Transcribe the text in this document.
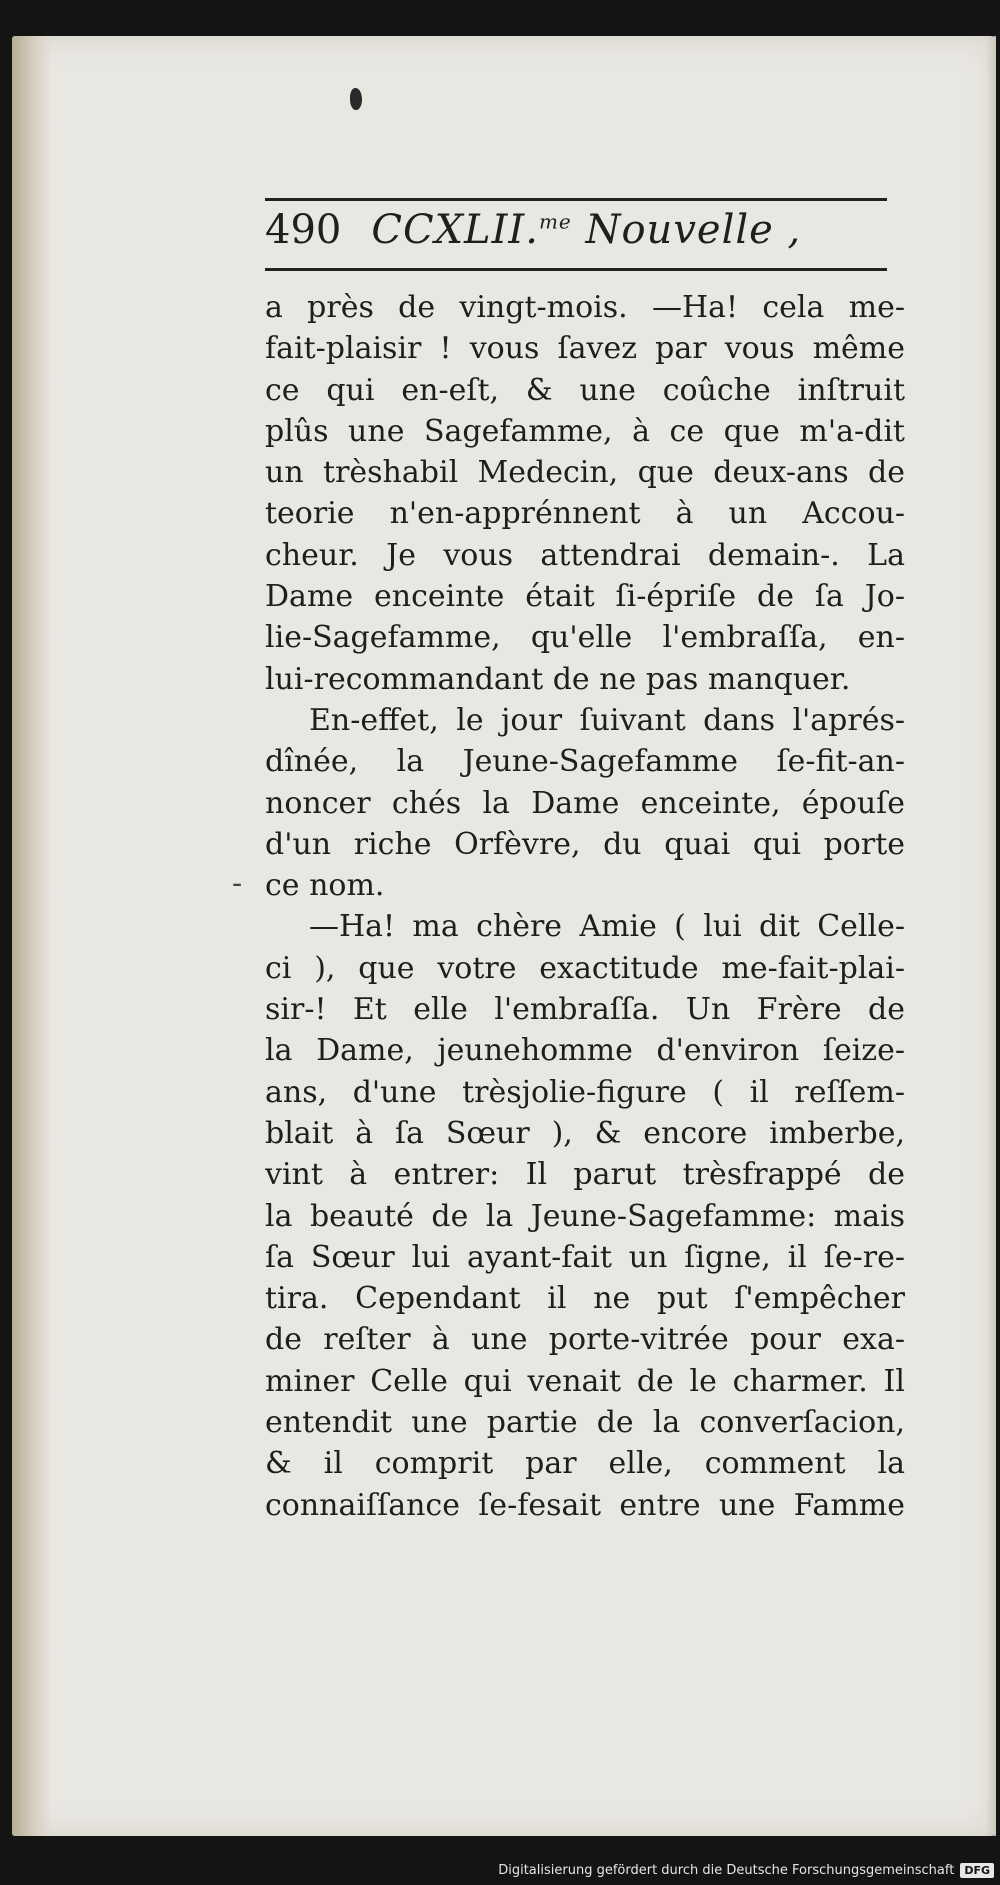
490 CCXLII.$^{me}$ Nouvelle ,
-
a près de vingt-mois. —Ha! cela me-
fait-plaisir ! vous ſavez par vous même
ce qui en-eſt, & une coûche inſtruit
plûs une Sagefamme, à ce que m'a-dit
un trèshabil Medecin, que deux-ans de
teorie n'en-apprénnent à un Accou-
cheur. Je vous attendrai demain-. La
Dame enceinte était ſi-épriſe de ſa Jo-
lie-Sagefamme, qu'elle l'embraſſa, en-
lui-recommandant de ne pas manquer.
En-effet, le jour ſuivant dans l'aprés-
dînée, la Jeune-Sagefamme ſe-fit-an-
noncer chés la Dame enceinte, épouſe
d'un riche Orfèvre, du quai qui porte
ce nom.
—Ha! ma chère Amie ( lui dit Celle-
ci ), que votre exactitude me-fait-plai-
sir-! Et elle l'embraſſa. Un Frère de
la Dame, jeunehomme d'environ ſeize-
ans, d'une trèsjolie-figure ( il reſſem-
blait à ſa Sœur ), & encore imberbe,
vint à entrer: Il parut trèsfrappé de
la beauté de la Jeune-Sagefamme: mais
ſa Sœur lui ayant-fait un ſigne, il ſe-re-
tira. Cependant il ne put ſ'empêcher
de reſter à une porte-vitrée pour exa-
miner Celle qui venait de le charmer. Il
entendit une partie de la converſacion,
& il comprit par elle, comment la
connaiſſance ſe-fesait entre une Famme
Digitalisierung gefördert durch die Deutsche Forschungsgemeinschaft DFG
